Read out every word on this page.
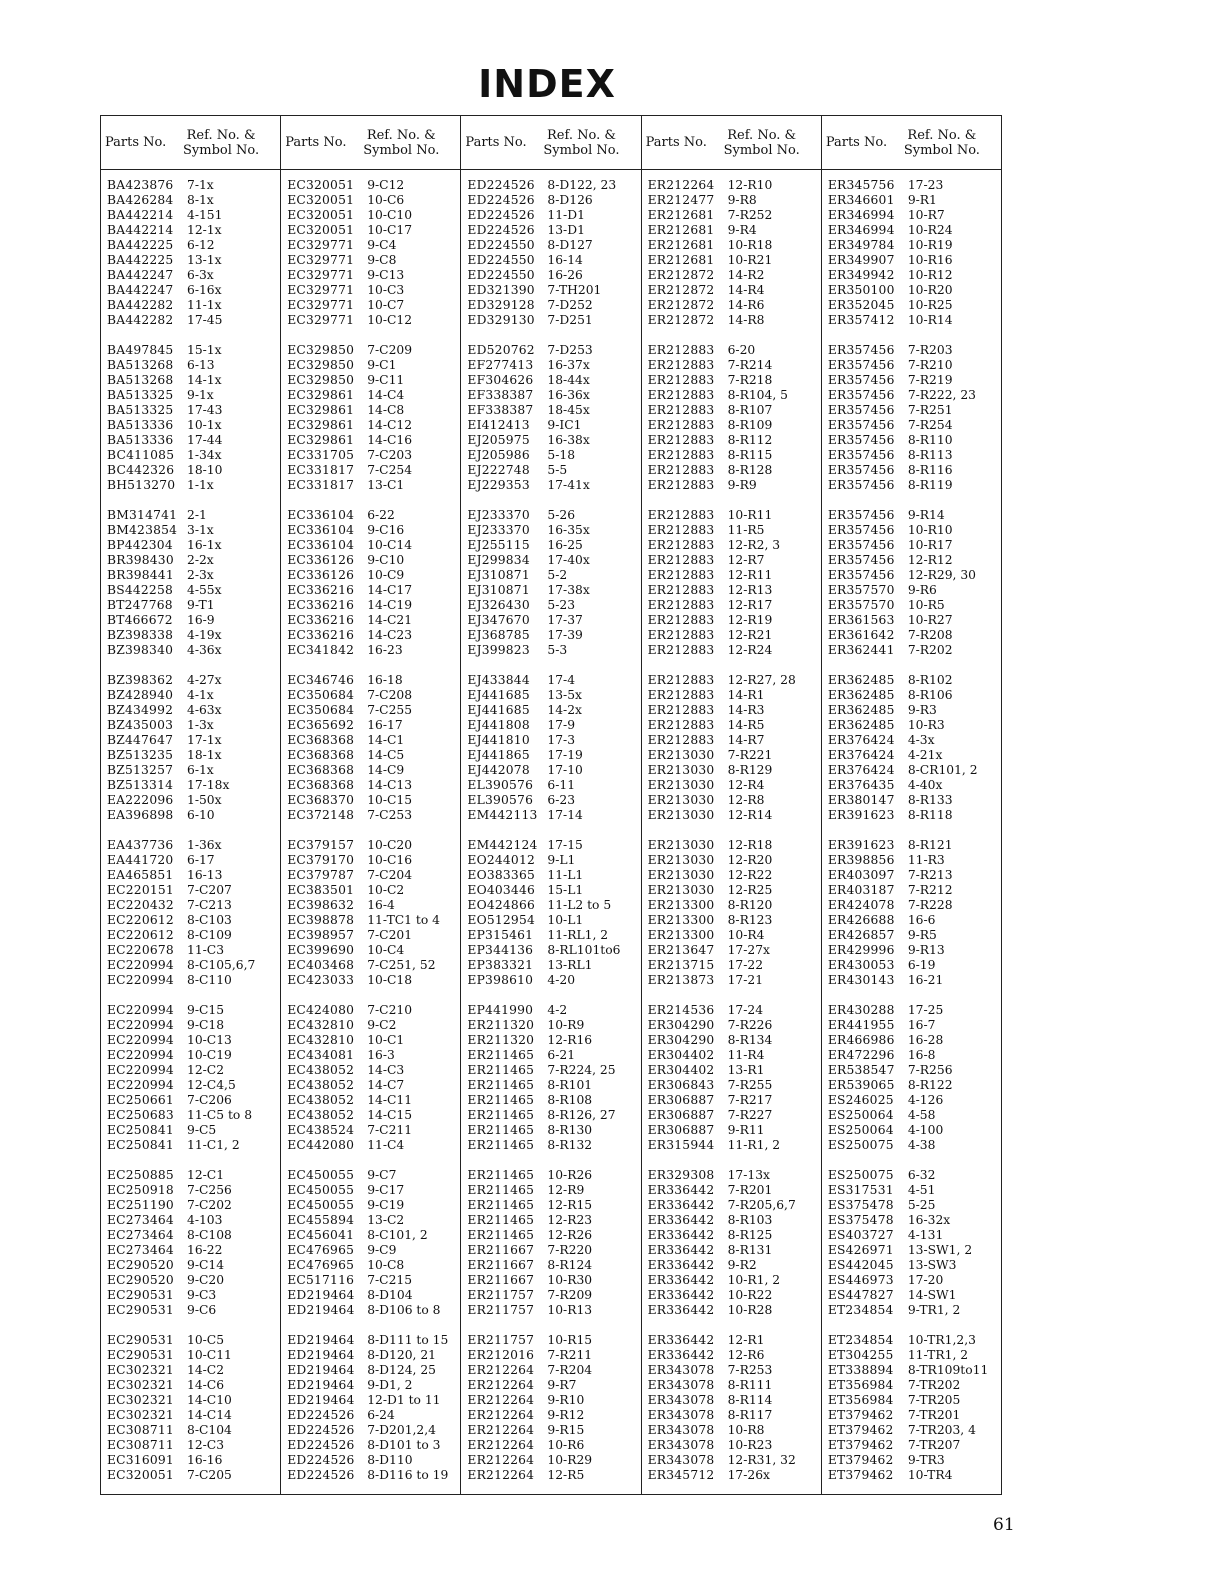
INDEX
Parts No.	Ref. No. &
Symbol No.
BA423876	7-1x
BA426284	8-1x
BA442214	4-151
BA442214	12-1x
BA442225	6-12
BA442225	13-1x
BA442247	6-3x
BA442247	6-16x
BA442282	11-1x
BA442282	17-45
BA497845	15-1x
BA513268	6-13
BA513268	14-1x
BA513325	9-1x
BA513325	17-43
BA513336	10-1x
BA513336	17-44
BC411085	1-34x
BC442326	18-10
BH513270 1-1x
BM314741 2-1
BM423854 3-1x
BP442304	16-1x
BR398430	2-2x
BR398441	2-3x
BS442258	4-55x
BT247768	9-T1
BT466672	16-9
BZ398338	4-19x
BZ398340	4-36x
BZ398362	4-27x
BZ428940	4-1x
BZ434992	4-63x
BZ435003	1-3x
BZ447647	17-1x
BZ513235	18-1x
BZ513257	6-1x
BZ513314	17-18x
EA222096	1-50x
EA396898	6-10
EA437736	1-36x
EA441720	6-17
EA465851	16-13
EC220151	7-C207
EC220432	7-C213
EC220612	8-C103
EC220612	8-C109
EC220678	11-C3
EC220994	8-C105,6,7
EC220994	8-C110
EC220994	9-C15
EC220994	9-C18
EC220994	10-C13
EC220994	10-C19
EC220994	12-C2
EC220994	12-C4,5
EC250661	7-C206
EC250683	11-C5 to 8
EC250841	9-C5
EC250841	11-C1, 2
EC250885	12-C1
EC250918	7-C256
EC251190	7-C202
EC273464	4-103
EC273464	8-C108
EC273464	16-22
EC290520	9-C14
EC290520	9-C20
EC290531	9-C3
EC290531	9-C6
EC290531	10-C5
EC290531	10-C11
EC302321	14-C2
EC302321	14-C6
EC302321	14-C10
EC302321	14-C14
EC308711	8-C104
EC308711	12-C3
EC316091	16-16
EC320051	7-C205
Parts No.	Ref. No. &
Symbol No.
EC320051	9-C12
EC320051	10-C6
EC320051	10-C10
EC320051	10-C17
EC329771	9-C4
EC329771	9-C8
EC329771	9-C13
EC329771	10-C3
EC329771	10-C7
EC329771	10-C12
EC329850	7-C209
EC329850	9-C1
EC329850	9-C11
EC329861	14-C4
EC329861	14-C8
EC329861	14-C12
EC329861	14-C16
EC331705	7-C203
EC331817	7-C254
EC331817	13-C1
EC336104	6-22
EC336104	9-C16
EC336104	10-C14
EC336126	9-C10
EC336126	10-C9
EC336216	14-C17
EC336216	14-C19
EC336216	14-C21
EC336216	14-C23
EC341842	16-23
EC346746	16-18
EC350684	7-C208
EC350684	7-C255
EC365692	16-17
EC368368	14-C1
EC368368	14-C5
EC368368	14-C9
EC368368	14-C13
EC368370	10-C15
EC372148	7-C253
EC379157	10-C20
EC379170	10-C16
EC379787	7-C204
EC383501	10-C2
EC398632	16-4
EC398878	11-TC1 to 4
EC398957	7-C201
EC399690	10-C4
EC403468	7-C251, 52
EC423033	10-C18
EC424080	7-C210
EC432810	9-C2
EC432810	10-C1
EC434081	16-3
EC438052	14-C3
EC438052	14-C7
EC438052	14-C11
EC438052	14-C15
EC438524	7-C211
EC442080	11-C4
EC450055	9-C7
EC450055	9-C17
EC450055	9-C19
EC455894	13-C2
EC456041	8-C101, 2
EC476965	9-C9
EC476965	10-C8
EC517116	7-C215
ED219464	8-D104
ED219464	8-D106 to 8
ED219464	8-D111 to 15
ED219464	8-D120, 21
ED219464	8-D124, 25
ED219464	9-D1, 2
ED219464	12-D1 to 11
ED224526	6-24
ED224526	7-D201,2,4
ED224526	8-D101 to 3
ED224526	8-D110
ED224526	8-D116 to 19
Parts No.	Ref. No. &
Symbol No.
ED224526	8-D122, 23
ED224526	8-D126
ED224526	11-D1
ED224526	13-D1
ED224550	8-D127
ED224550	16-14
ED224550	16-26
ED321390	7-TH201
ED329128	7-D252
ED329130	7-D251
ED520762	7-D253
EF277413	16-37x
EF304626	18-44x
EF338387	16-36x
EF338387	18-45x
EI412413	9-IC1
EJ205975	16-38x
EJ205986	5-18
EJ222748	5-5
EJ229353	17-41x
EJ233370	5-26
EJ233370	16-35x
EJ255115	16-25
EJ299834	17-40x
EJ310871	5-2
EJ310871	17-38x
EJ326430	5-23
EJ347670	17-37
EJ368785	17-39
EJ399823	5-3
EJ433844	17-4
EJ441685	13-5x
EJ441685	14-2x
EJ441808	17-9
EJ441810	17-3
EJ441865	17-19
EJ442078	17-10
EL390576	6-11
EL390576	6-23
EM442113 17-14
EM442124 17-15
EO244012	9-L1
EO383365	11-L1
EO403446	15-L1
EO424866	11-L2 to 5
EO512954	10-L1
EP315461	11-RL1, 2
EP344136	8-RL101to6
EP383321	13-RL1
EP398610	4-20
EP441990	4-2
ER211320	10-R9
ER211320	12-R16
ER211465	6-21
ER211465	7-R224, 25
ER211465	8-R101
ER211465	8-R108
ER211465	8-R126, 27
ER211465	8-R130
ER211465	8-R132
ER211465	10-R26
ER211465	12-R9
ER211465	12-R15
ER211465	12-R23
ER211465	12-R26
ER211667	7-R220
ER211667	8-R124
ER211667	10-R30
ER211757	7-R209
ER211757	10-R13
ER211757	10-R15
ER212016	7-R211
ER212264	7-R204
ER212264	9-R7
ER212264	9-R10
ER212264	9-R12
ER212264	9-R15
ER212264	10-R6
ER212264	10-R29
ER212264	12-R5
Parts No.	Ref. No. &
Symbol No.
ER212264	12-R10
ER212477	9-R8
ER212681	7-R252
ER212681	9-R4
ER212681	10-R18
ER212681	10-R21
ER212872	14-R2
ER212872	14-R4
ER212872	14-R6
ER212872	14-R8
ER212883	6-20
ER212883	7-R214
ER212883	7-R218
ER212883	8-R104, 5
ER212883	8-R107
ER212883	8-R109
ER212883	8-R112
ER212883	8-R115
ER212883	8-R128
ER212883	9-R9
ER212883	10-R11
ER212883	11-R5
ER212883	12-R2, 3
ER212883	12-R7
ER212883	12-R11
ER212883	12-R13
ER212883	12-R17
ER212883	12-R19
ER212883	12-R21
ER212883	12-R24
ER212883	12-R27, 28
ER212883	14-R1
ER212883	14-R3
ER212883	14-R5
ER212883	14-R7
ER213030	7-R221
ER213030	8-R129
ER213030	12-R4
ER213030	12-R8
ER213030	12-R14
ER213030	12-R18
ER213030	12-R20
ER213030	12-R22
ER213030	12-R25
ER213300	8-R120
ER213300	8-R123
ER213300	10-R4
ER213647	17-27x
ER213715	17-22
ER213873	17-21
ER214536	17-24
ER304290	7-R226
ER304290	8-R134
ER304402	11-R4
ER304402	13-R1
ER306843	7-R255
ER306887	7-R217
ER306887	7-R227
ER306887	9-R11
ER315944	11-R1, 2
ER329308	17-13x
ER336442	7-R201
ER336442	7-R205,6,7
ER336442	8-R103
ER336442	8-R125
ER336442	8-R131
ER336442	9-R2
ER336442	10-R1, 2
ER336442	10-R22
ER336442	10-R28
ER336442	12-R1
ER336442	12-R6
ER343078	7-R253
ER343078	8-R111
ER343078	8-R114
ER343078	8-R117
ER343078	10-R8
ER343078	10-R23
ER343078	12-R31, 32
ER345712	17-26x
Parts No.	Ref. No. &
Symbol No.
ER345756	17-23
ER346601	9-R1
ER346994	10-R7
ER346994	10-R24
ER349784	10-R19
ER349907	10-R16
ER349942	10-R12
ER350100	10-R20
ER352045	10-R25
ER357412	10-R14
ER357456	7-R203
ER357456	7-R210
ER357456	7-R219
ER357456	7-R222, 23
ER357456	7-R251
ER357456	7-R254
ER357456	8-R110
ER357456	8-R113
ER357456	8-R116
ER357456	8-R119
ER357456	9-R14
ER357456	10-R10
ER357456	10-R17
ER357456	12-R12
ER357456	12-R29, 30
ER357570	9-R6
ER357570	10-R5
ER361563	10-R27
ER361642	7-R208
ER362441	7-R202
ER362485	8-R102
ER362485	8-R106
ER362485	9-R3
ER362485	10-R3
ER376424	4-3x
ER376424	4-21x
ER376424	8-CR101, 2
ER376435	4-40x
ER380147	8-R133
ER391623	8-R118
ER391623	8-R121
ER398856	11-R3
ER403097	7-R213
ER403187	7-R212
ER424078	7-R228
ER426688	16-6
ER426857	9-R5
ER429996	9-R13
ER430053	6-19
ER430143	16-21
ER430288	17-25
ER441955	16-7
ER466986	16-28
ER472296	16-8
ER538547	7-R256
ER539065	8-R122
ES246025	4-126
ES250064	4-58
ES250064	4-100
ES250075	4-38
ES250075	6-32
ES317531	4-51
ES375478	5-25
ES375478	16-32x
ES403727	4-131
ES426971	13-SW1, 2
ES442045	13-SW3
ES446973	17-20
ES447827	14-SW1
ET234854	9-TR1, 2
ET234854	10-TR1,2,3
ET304255	11-TR1, 2
ET338894	8-TR109to11
ET356984	7-TR202
ET356984	7-TR205
ET379462	7-TR201
ET379462	7-TR203, 4
ET379462	7-TR207
ET379462	9-TR3
ET379462	10-TR4
61
